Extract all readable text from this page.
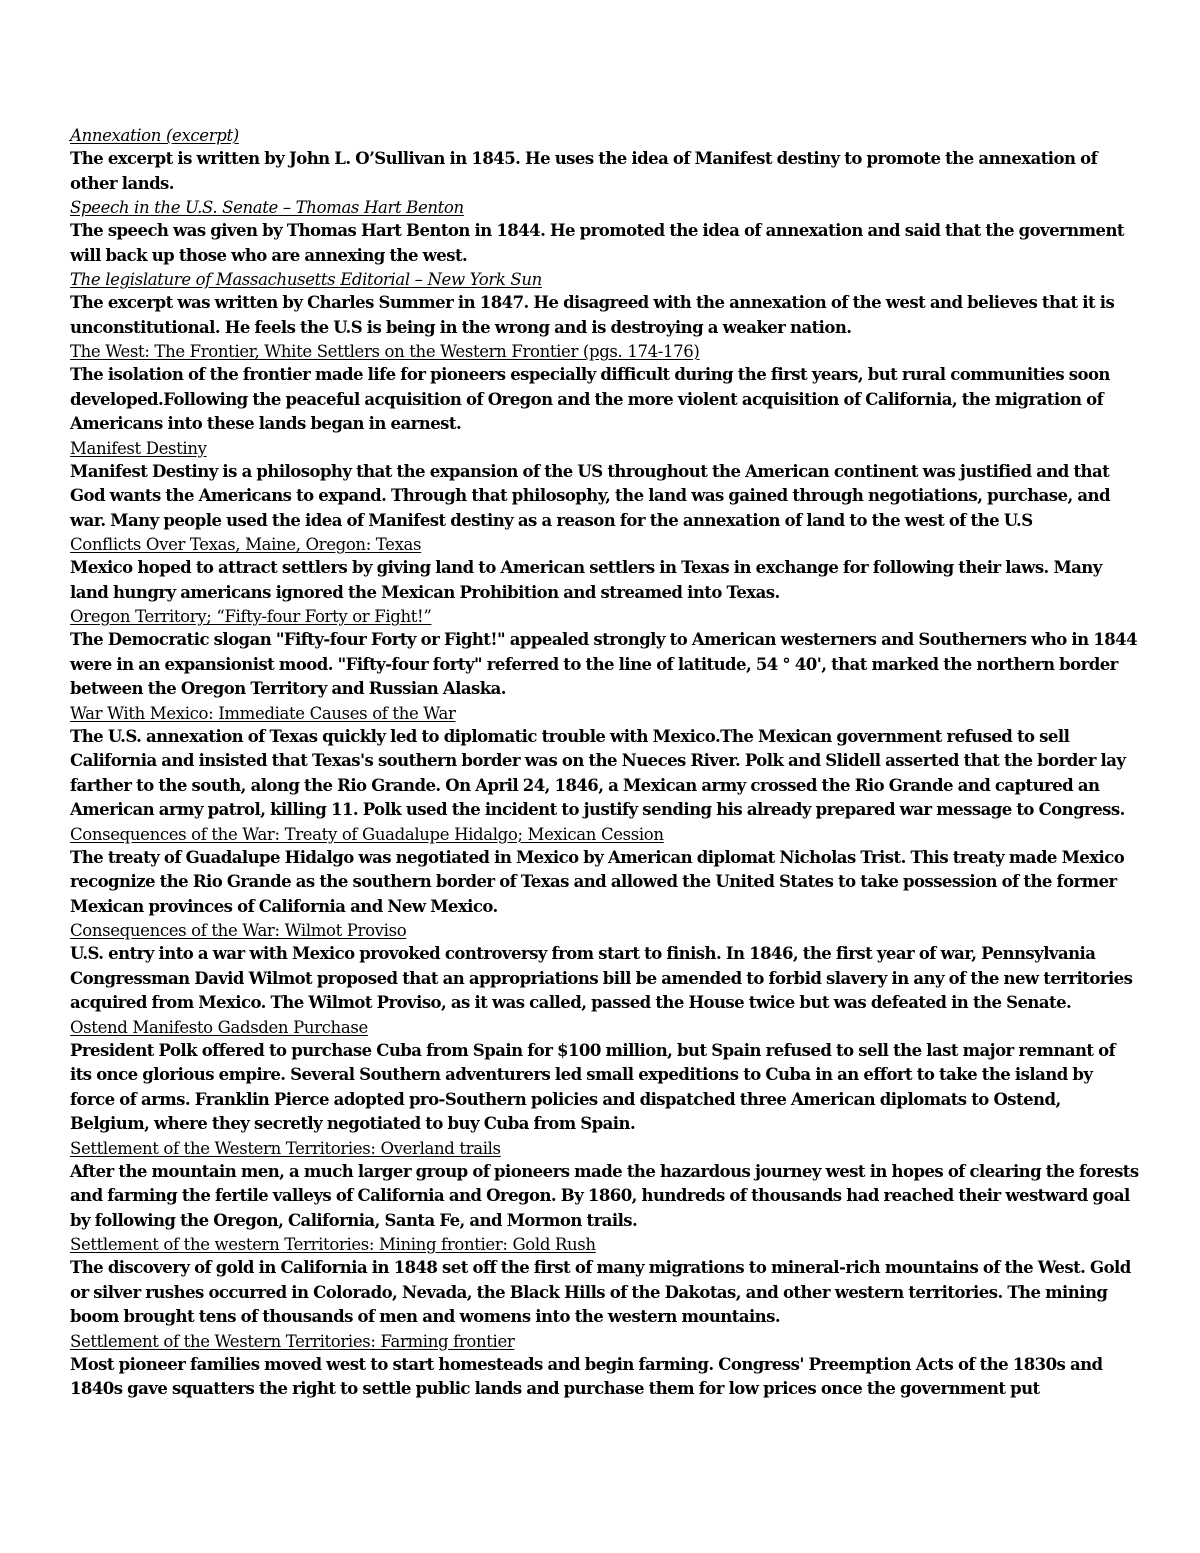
Annexation (excerpt)

The excerpt is written by John L. O’Sullivan in 1845. He uses the idea of Manifest destiny to promote the annexation of other lands.

Speech in the U.S. Senate – Thomas Hart Benton

The speech was given by Thomas Hart Benton in 1844. He promoted the idea of annexation and said that the government will back up those who are annexing the west.

The legislature of Massachusetts Editorial – New York Sun

The excerpt was written by Charles Summer in 1847. He disagreed with the annexation of the west and believes that it is unconstitutional. He feels the U.S is being in the wrong and is destroying a weaker nation.

The West: The Frontier, White Settlers on the Western Frontier (pgs. 174-176)

The isolation of the frontier made life for pioneers especially difficult during the first years, but rural communities soon developed.Following the peaceful acquisition of Oregon and the more violent acquisition of California, the migration of Americans into these lands began in earnest.

Manifest Destiny

Manifest Destiny is a philosophy that the expansion of the US throughout the American continent was justified and that God wants the Americans to expand. Through that philosophy, the land was gained through negotiations, purchase, and war. Many people used the idea of Manifest destiny as a reason for the annexation of land to the west of the U.S

Conflicts Over Texas, Maine, Oregon: Texas

Mexico hoped to attract settlers by giving land to American settlers in Texas in exchange for following their laws. Many land hungry americans ignored the Mexican Prohibition and streamed into Texas.

Oregon Territory; “Fifty-four Forty or Fight!”

The Democratic slogan "Fifty-four Forty or Fight!" appealed strongly to American westerners and Southerners who in 1844 were in an expansionist mood. "Fifty-four forty" referred to the line of latitude, 54 ° 40', that marked the northern border between the Oregon Territory and Russian Alaska.

War With Mexico: Immediate Causes of the War

The U.S. annexation of Texas quickly led to diplomatic trouble with Mexico.The Mexican government refused to sell California and insisted that Texas's southern border was on the Nueces River. Polk and Slidell asserted that the border lay farther to the south, along the Rio Grande. On April 24, 1846, a Mexican army crossed the Rio Grande and captured an American army patrol, killing 11. Polk used the incident to justify sending his already prepared war message to Congress.

Consequences of the War: Treaty of Guadalupe Hidalgo; Mexican Cession

The treaty of Guadalupe Hidalgo was negotiated in Mexico by American diplomat Nicholas Trist. This treaty made Mexico recognize the Rio Grande as the southern border of Texas and allowed the United States to take possession of the former Mexican provinces of California and New Mexico.

Consequences of the War: Wilmot Proviso

U.S. entry into a war with Mexico provoked controversy from start to finish. In 1846, the first year of war, Pennsylvania Congressman David Wilmot proposed that an appropriations bill be amended to forbid slavery in any of the new territories acquired from Mexico. The Wilmot Proviso, as it was called, passed the House twice but was defeated in the Senate.

Ostend Manifesto Gadsden Purchase

President Polk offered to purchase Cuba from Spain for $100 million, but Spain refused to sell the last major remnant of its once glorious empire. Several Southern adventurers led small expeditions to Cuba in an effort to take the island by force of arms. Franklin Pierce adopted pro-Southern policies and dispatched three American diplomats to Ostend, Belgium, where they secretly negotiated to buy Cuba from Spain.

Settlement of the Western Territories: Overland trails

After the mountain men, a much larger group of pioneers made the hazardous journey west in hopes of clearing the forests and farming the fertile valleys of California and Oregon. By 1860, hundreds of thousands had reached their westward goal by following the Oregon, California, Santa Fe, and Mormon trails.

Settlement of the western Territories: Mining frontier: Gold Rush

The discovery of gold in California in 1848 set off the first of many migrations to mineral-rich mountains of the West. Gold or silver rushes occurred in Colorado, Nevada, the Black Hills of the Dakotas, and other western territories. The mining boom brought tens of thousands of men and womens into the western mountains.

Settlement of the Western Territories: Farming frontier

Most pioneer families moved west to start homesteads and begin farming. Congress' Preemption Acts of the 1830s and 1840s gave squatters the right to settle public lands and purchase them for low prices once the government put
